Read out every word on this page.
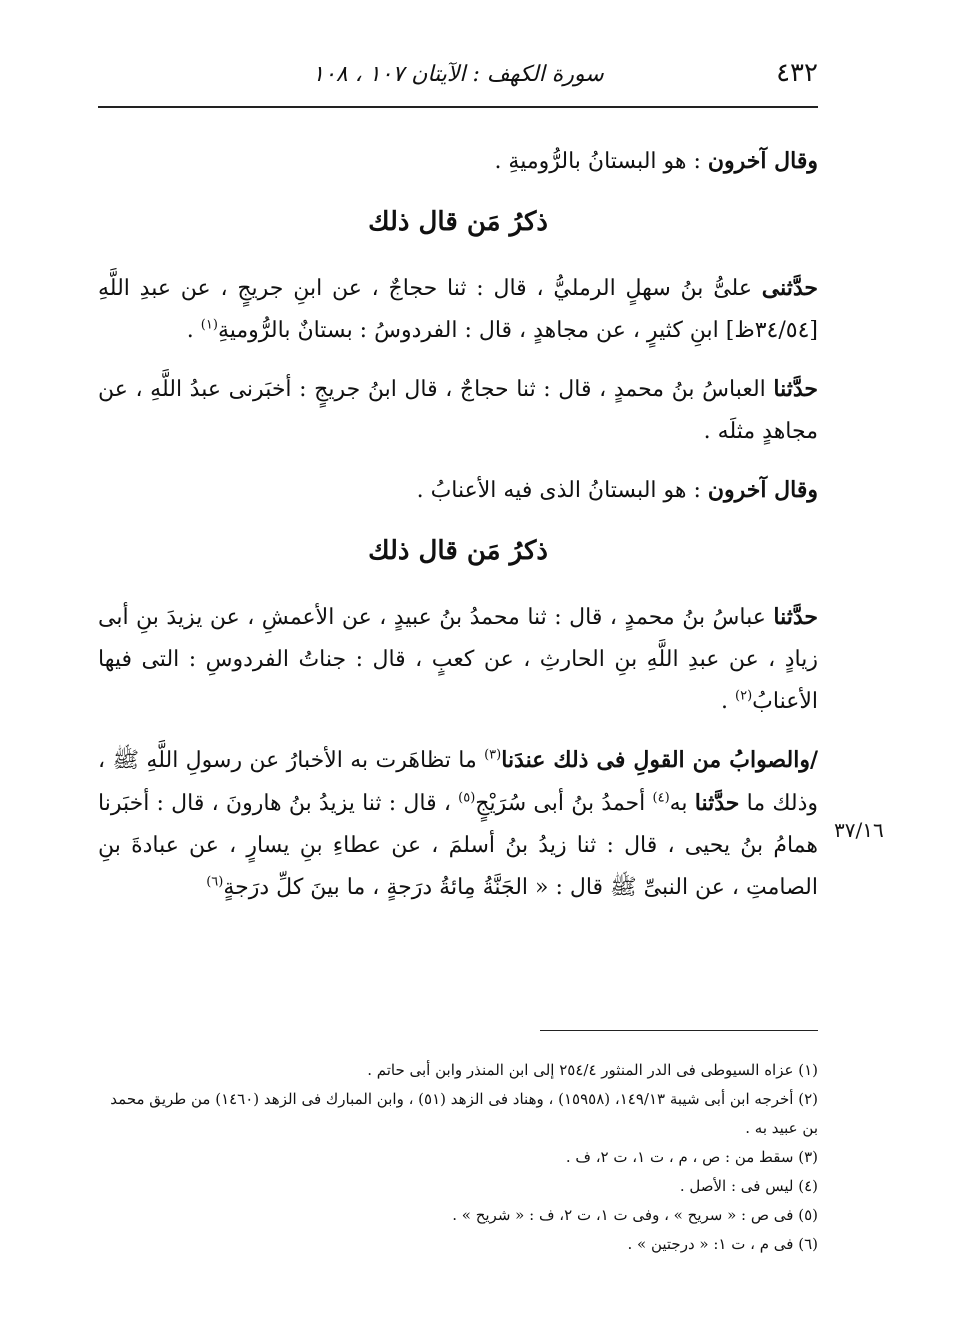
٤٣٢
سورة الكهف : الآيتان ١٠٧ ، ١٠٨

وقال آخرون : هو البستانُ بالرُّوميةِ .

ذكرُ مَن قال ذلك

حدَّثنى علىُّ بنُ سهلٍ الرمليُّ ، قال : ثنا حجاجٌ ، عن ابنِ جريجٍ ، عن عبدِ اللَّهِ [٣٤/٥٤ظ] ابنِ كثيرٍ ، عن مجاهدٍ ، قال : الفردوسُ : بستانٌ بالرُّوميةِ$^{(١)}$ .

حدَّثنا العباسُ بنُ محمدٍ ، قال : ثنا حجاجٌ ، قال ابنُ جريجٍ : أخبَرنى عبدُ اللَّهِ ، عن مجاهدٍ مثلَه .

وقال آخرون : هو البستانُ الذى فيه الأعنابُ .

ذكرُ مَن قال ذلك

حدَّثنا عباسُ بنُ محمدٍ ، قال : ثنا محمدُ بنُ عبيدٍ ، عن الأعمشِ ، عن يزيدَ بنِ أبى زيادٍ ، عن عبدِ اللَّهِ بنِ الحارثِ ، عن كعبٍ ، قال : جناتُ الفردوسِ : التى فيها الأعنابُ$^{(٢)}$ .

/والصوابُ من القولِ فى ذلك عندَنا$^{(٣)}$ ما تظاهَرت به الأخبارُ عن رسولِ اللَّهِ ﷺ ، وذلك ما حدَّثنا به$^{(٤)}$ أحمدُ بنُ أبى سُرَيْجٍ$^{(٥)}$ ، قال : ثنا يزيدُ بنُ هارونَ ، قال : أخبَرنا همامُ بنُ يحيى ، قال : ثنا زيدُ بنُ أسلمَ ، عن عطاءِ بنِ يسارٍ ، عن عبادةَ بنِ الصامتِ ، عن النبىِّ ﷺ قال : « الجَنَّةُ مِائةُ درَجةٍ ، ما بينَ كلِّ درَجةٍ$^{(٦)}$

٣٧/١٦

(١) عزاه السيوطى فى الدر المنثور ٢٥٤/٤ إلى ابن المنذر وابن أبى حاتم .

(٢) أخرجه ابن أبى شيبة ١٤٩/١٣، (١٥٩٥٨) ، وهناد فى الزهد (٥١) ، وابن المبارك فى الزهد (١٤٦٠) من طريق محمد بن عبيد به .

(٣) سقط من : ص ، م ، ت ١، ت ٢، ف .

(٤) ليس فى : الأصل .

(٥) فى ص : « سريح » ، وفى ت ١، ت ٢، ف : « شريح » .

(٦) فى م ، ت ١: « درجتين » .
